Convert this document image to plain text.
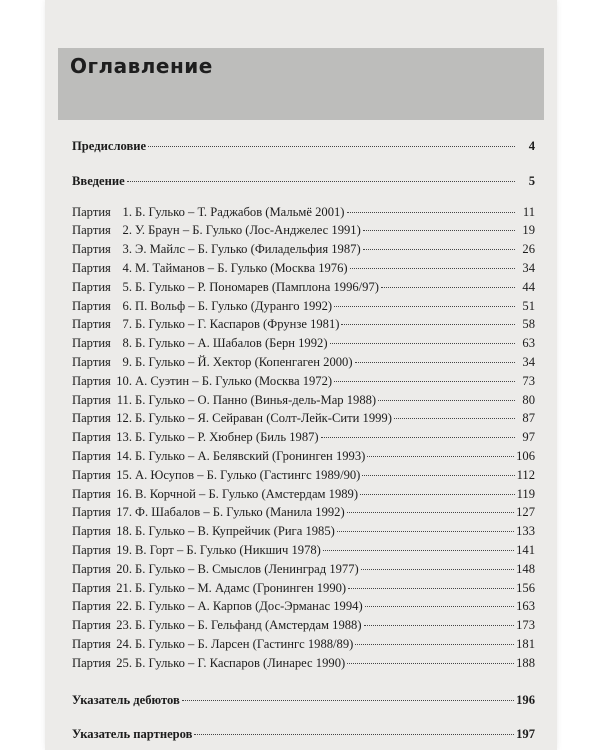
Оглавление
Предисловие	4
Введение	5
Партия 1. Б. Гулько – Т. Раджабов (Мальмё 2001)	11
Партия 2. У. Браун – Б. Гулько (Лос-Анджелес 1991)	19
Партия 3. Э. Майлс – Б. Гулько (Филадельфия 1987)	26
Партия 4. М. Тайманов – Б. Гулько (Москва 1976)	34
Партия 5. Б. Гулько – Р. Пономарев (Памплона 1996/97)	44
Партия 6. П. Вольф – Б. Гулько (Дуранго 1992)	51
Партия 7. Б. Гулько – Г. Каспаров (Фрунзе 1981)	58
Партия 8. Б. Гулько – А. Шабалов (Берн 1992)	63
Партия 9. Б. Гулько – Й. Хектор (Копенгаген 2000)	34
Партия 10. А. Суэтин – Б. Гулько (Москва 1972)	73
Партия 11. Б. Гулько – О. Панно (Винья-дель-Мар 1988)	80
Партия 12. Б. Гулько – Я. Сейраван (Солт-Лейк-Сити 1999)	87
Партия 13. Б. Гулько – Р. Хюбнер (Биль 1987)	97
Партия 14. Б. Гулько – А. Белявский (Гронинген 1993)	106
Партия 15. А. Юсупов – Б. Гулько (Гастингс 1989/90)	112
Партия 16. В. Корчной – Б. Гулько (Амстердам 1989)	119
Партия 17. Ф. Шабалов – Б. Гулько (Манила 1992)	127
Партия 18. Б. Гулько – В. Купрейчик (Рига 1985)	133
Партия 19. В. Горт – Б. Гулько (Никшич 1978)	141
Партия 20. Б. Гулько – В. Смыслов (Ленинград 1977)	148
Партия 21. Б. Гулько – М. Адамс (Гронинген 1990)	156
Партия 22. Б. Гулько – А. Карпов (Дос-Эрманас 1994)	163
Партия 23. Б. Гулько – Б. Гельфанд (Амстердам 1988)	173
Партия 24. Б. Гулько – Б. Ларсен (Гастингс 1988/89)	181
Партия 25. Б. Гулько – Г. Каспаров (Линарес 1990)	188
Указатель дебютов	196
Указатель партнеров	197
